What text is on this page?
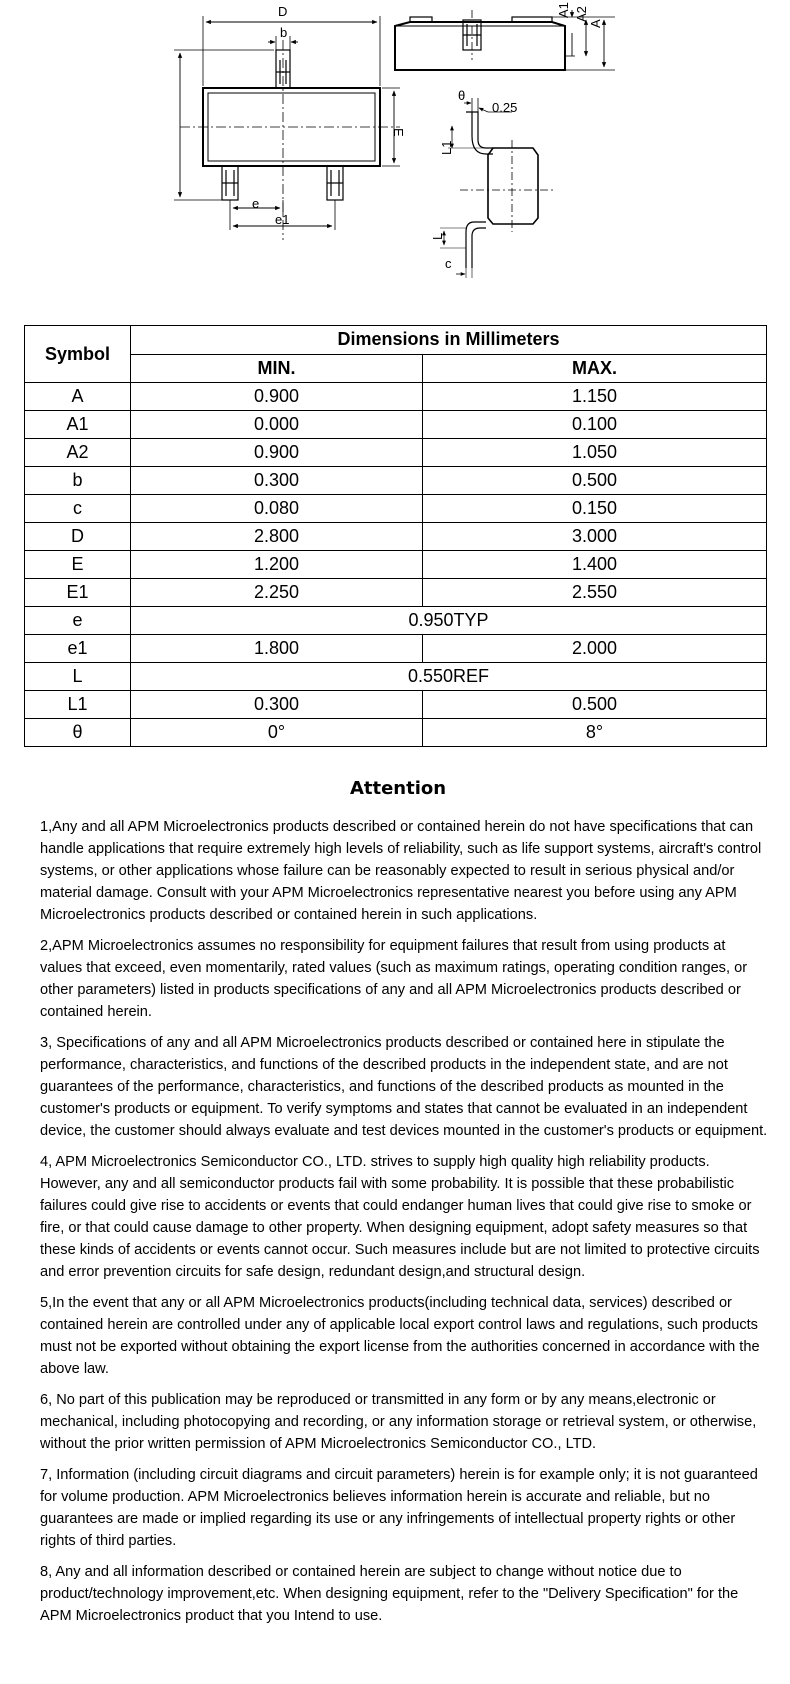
D
b
E
e
e1
A1 A2
A
θ
0.25
L1
L
c
Symbol	Dimensions in Millimeters	
	MIN.	MAX.
A	0.900	1.150
A1	0.000	0.100
A2	0.900	1.050
b	0.300	0.500
c	0.080	0.150
D	2.800	3.000
E	1.200	1.400
E1	2.250	2.550
e	0.950TYP	
e1	1.800	2.000
L	0.550REF	
L1	0.300	0.500
θ	0°	8°
Attention

1,Any and all APM Microelectronics products described or contained herein do not have specifications that can handle applications that require extremely high levels of reliability, such as life support systems, aircraft's control systems, or other applications whose failure can be reasonably expected to result in serious physical and/or material damage. Consult with your APM Microelectronics representative nearest you before using any APM Microelectronics products described or contained herein in such applications.

2,APM Microelectronics assumes no responsibility for equipment failures that result from using products at values that exceed, even momentarily, rated values (such as maximum ratings, operating condition ranges, or other parameters) listed in products specifications of any and all APM Microelectronics products described or contained herein.

3, Specifications of any and all APM Microelectronics products described or contained here in stipulate the performance, characteristics, and functions of the described products in the independent state, and are not guarantees of the performance, characteristics, and functions of the described products as mounted in the customer's products or equipment. To verify symptoms and states that cannot be evaluated in an independent device, the customer should always evaluate and test devices mounted in the customer's products or equipment.

4, APM Microelectronics Semiconductor CO., LTD. strives to supply high quality high reliability products. However, any and all semiconductor products fail with some probability. It is possible that these probabilistic failures could give rise to accidents or events that could endanger human lives that could give rise to smoke or fire, or that could cause damage to other property. When designing equipment, adopt safety measures so that these kinds of accidents or events cannot occur. Such measures include but are not limited to protective circuits and error prevention circuits for safe design, redundant design,and structural design.

5,In the event that any or all APM Microelectronics products(including technical data, services) described or contained herein are controlled under any of applicable local export control laws and regulations, such products must not be exported without obtaining the export license from the authorities concerned in accordance with the above law.

6, No part of this publication may be reproduced or transmitted in any form or by any means,electronic or mechanical, including photocopying and recording, or any information storage or retrieval system, or otherwise, without the prior written permission of APM Microelectronics Semiconductor CO., LTD.

7, Information (including circuit diagrams and circuit parameters) herein is for example only; it is not guaranteed for volume production. APM Microelectronics believes information herein is accurate and reliable, but no guarantees are made or implied regarding its use or any infringements of intellectual property rights or other rights of third parties.

8, Any and all information described or contained herein are subject to change without notice due to product/technology improvement,etc. When designing equipment, refer to the "Delivery Specification" for the APM Microelectronics product that you Intend to use.
